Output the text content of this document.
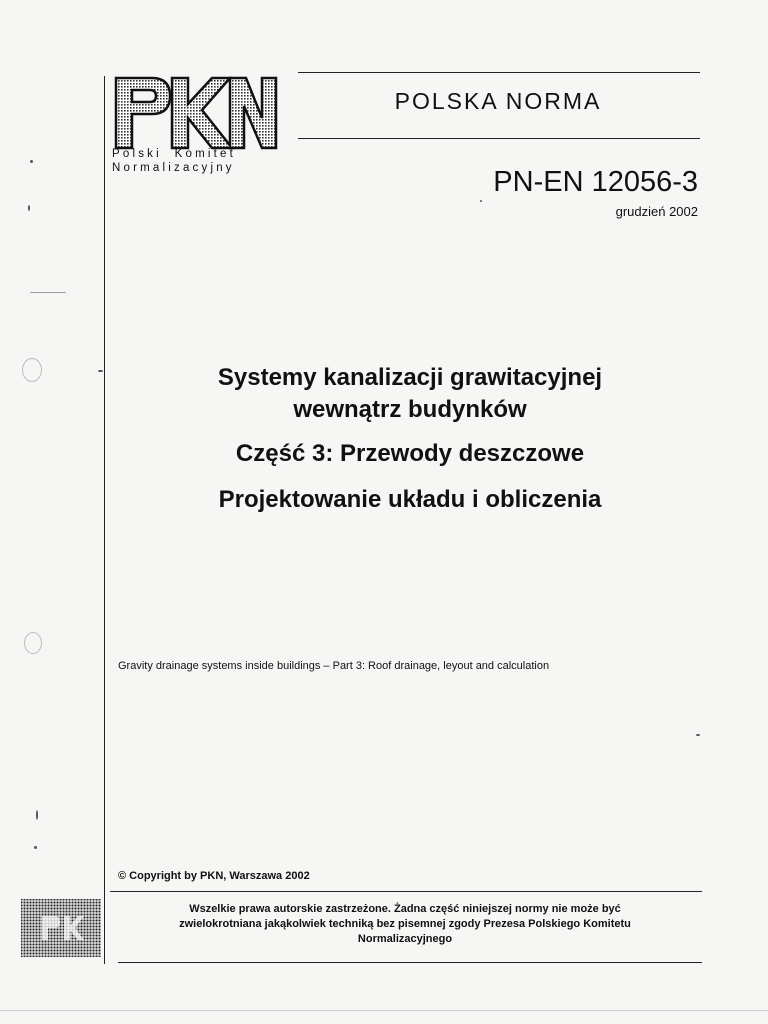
Polski  Komitet
Normalizacyjny
POLSKA NORMA
PN-EN 12056-3
grudzień 2002
Systemy kanalizacji grawitacyjnej
wewnątrz budynków
Część 3: Przewody deszczowe
Projektowanie układu i obliczenia
Gravity drainage systems inside buildings – Part 3: Roof drainage, leyout and calculation
© Copyright by PKN, Warszawa 2002
Wszelkie prawa autorskie zastrzeżone. Żadna część niniejszej normy nie może być
zwielokrotniana jakąkolwiek techniką bez pisemnej zgody Prezesa Polskiego Komitetu
Normalizacyjnego
